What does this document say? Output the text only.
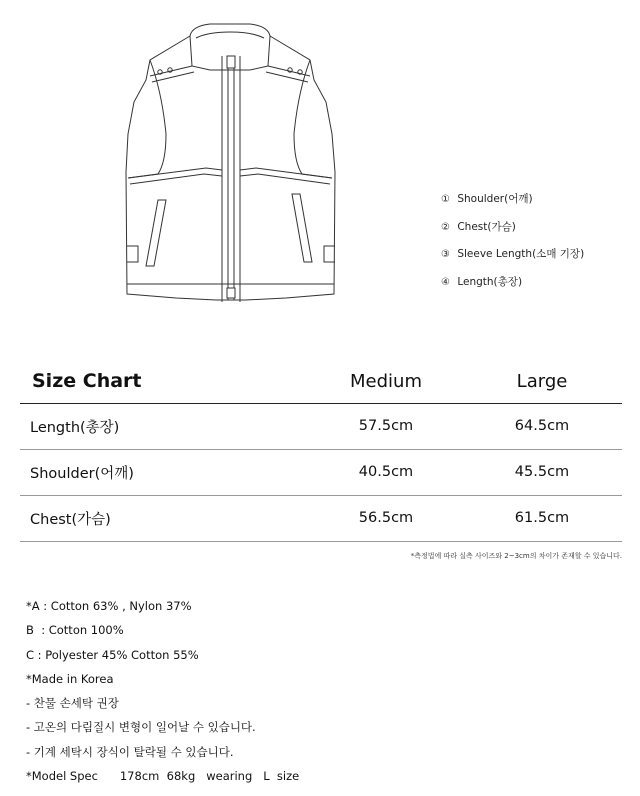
① Shoulder(어깨)
② Chest(가슴)
③ Sleeve Length(소매 기장)
④ Length(총장)
Size Chart	Medium	Large
Length(총장)	57.5cm	64.5cm
Shoulder(어깨)	40.5cm	45.5cm
Chest(가슴)	56.5cm	61.5cm
*측정법에 따라 실측 사이즈와 2~3cm의 차이가 존재할 수 있습니다.
*A : Cotton 63% , Nylon 37%
B  : Cotton 100%
C : Polyester 45% Cotton 55%
*Made in Korea
- 찬물 손세탁 권장
- 고온의 다림질시 변형이 일어날 수 있습니다.
- 기계 세탁시 장식이 탈락될 수 있습니다.
*Model Spec      178cm  68kg   wearing   L  size
